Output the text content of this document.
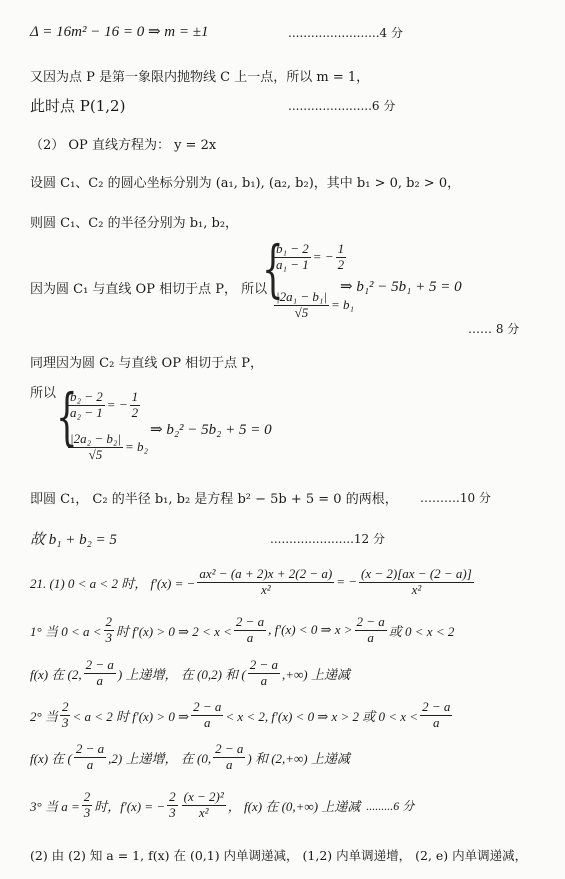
Δ = 16m² − 16 = 0 ⇒ m = ±1	........................4 分
又因为点 P 是第一象限内抛物线 C 上一点，所以 m = 1，
此时点 P(1,2)	......................6 分
（2） OP 直线方程为： y = 2x
设圆 C₁、C₂ 的圆心坐标分别为 (a₁, b₁), (a₂, b₂)，其中 b₁ > 0, b₂ > 0，
则圆 C₁、C₂ 的半径分别为 b₁, b₂，
因为圆 C₁ 与直线 OP 相切于点 P， 所以
{
$\frac{\text{b₁ − 2}}{\text{a₁ − 1}}$ = − $\frac{1}{2}$
$\frac{\text{|2a₁ − b₁|}}{√5} = b_1$
⇒ b₁² − 5b₁ + 5 = 0
…… 8 分
同理因为圆 C₂ 与直线 OP 相切于点 P，
所以 {
$\frac{\text{b₂ − 2}}{\text{a₂ − 1}}$ = − $\frac{1}{2}$
$\frac{\text{|2a₂ − b₂|}}{√5} = b_2$
⇒ b₂² − 5b₂ + 5 = 0
即圆 C₁， C₂ 的半径 b₁, b₂ 是方程 b² − 5b + 5 = 0 的两根， ……….10 分
故 b₁ + b₂ = 5	......................12 分
21. (1) 0 < a < 2 时， f′(x) = − $\frac{\text{ax² − (a + 2)x + 2(2 − a)}}{\text{x²}}$ = − $\frac{(x - 2)[ax - (2 - a)]}{\text{x²}}$
1° 当 $0 < a < \frac{2}{3}$ 时 f′(x) > 0 ⇒ $2 < x < \frac{2 - a}{a}$ , f′(x) < 0 ⇒ $x > \frac{2 - a}{a}$ 或 0 < x < 2
f(x) 在 (2, $\frac{2 - a}{a}$ ) 上递增， 在 (0,2) 和 ( $\frac{2 - a}{a}$ ,+∞) 上递减
2° 当 $\frac{2}{3} < a < 2$ 时 f′(x) > 0 ⇒ $\frac{2 - a}{a} < x < 2$, f′(x) < 0 ⇒ x > 2 或 $0 < x < \frac{2 - a}{a}$
f(x) 在 ( $\frac{2 - a}{a} ,2$) 上递增， 在 (0, $\frac{2 - a}{a}$ ) 和 (2,+∞) 上递减
3° 当 $a = \frac{2}{3}$ 时，f′(x) = − $\frac{2}{3} \frac{\text{(x − 2)²}}{\text{x²}}$ ， f(x) 在 (0,+∞) 上递减 .........6 分
(2) 由 (2) 知 a = 1, f(x) 在 (0,1) 内单调递减， (1,2) 内单调递增， (2, e) 内单调递减，
